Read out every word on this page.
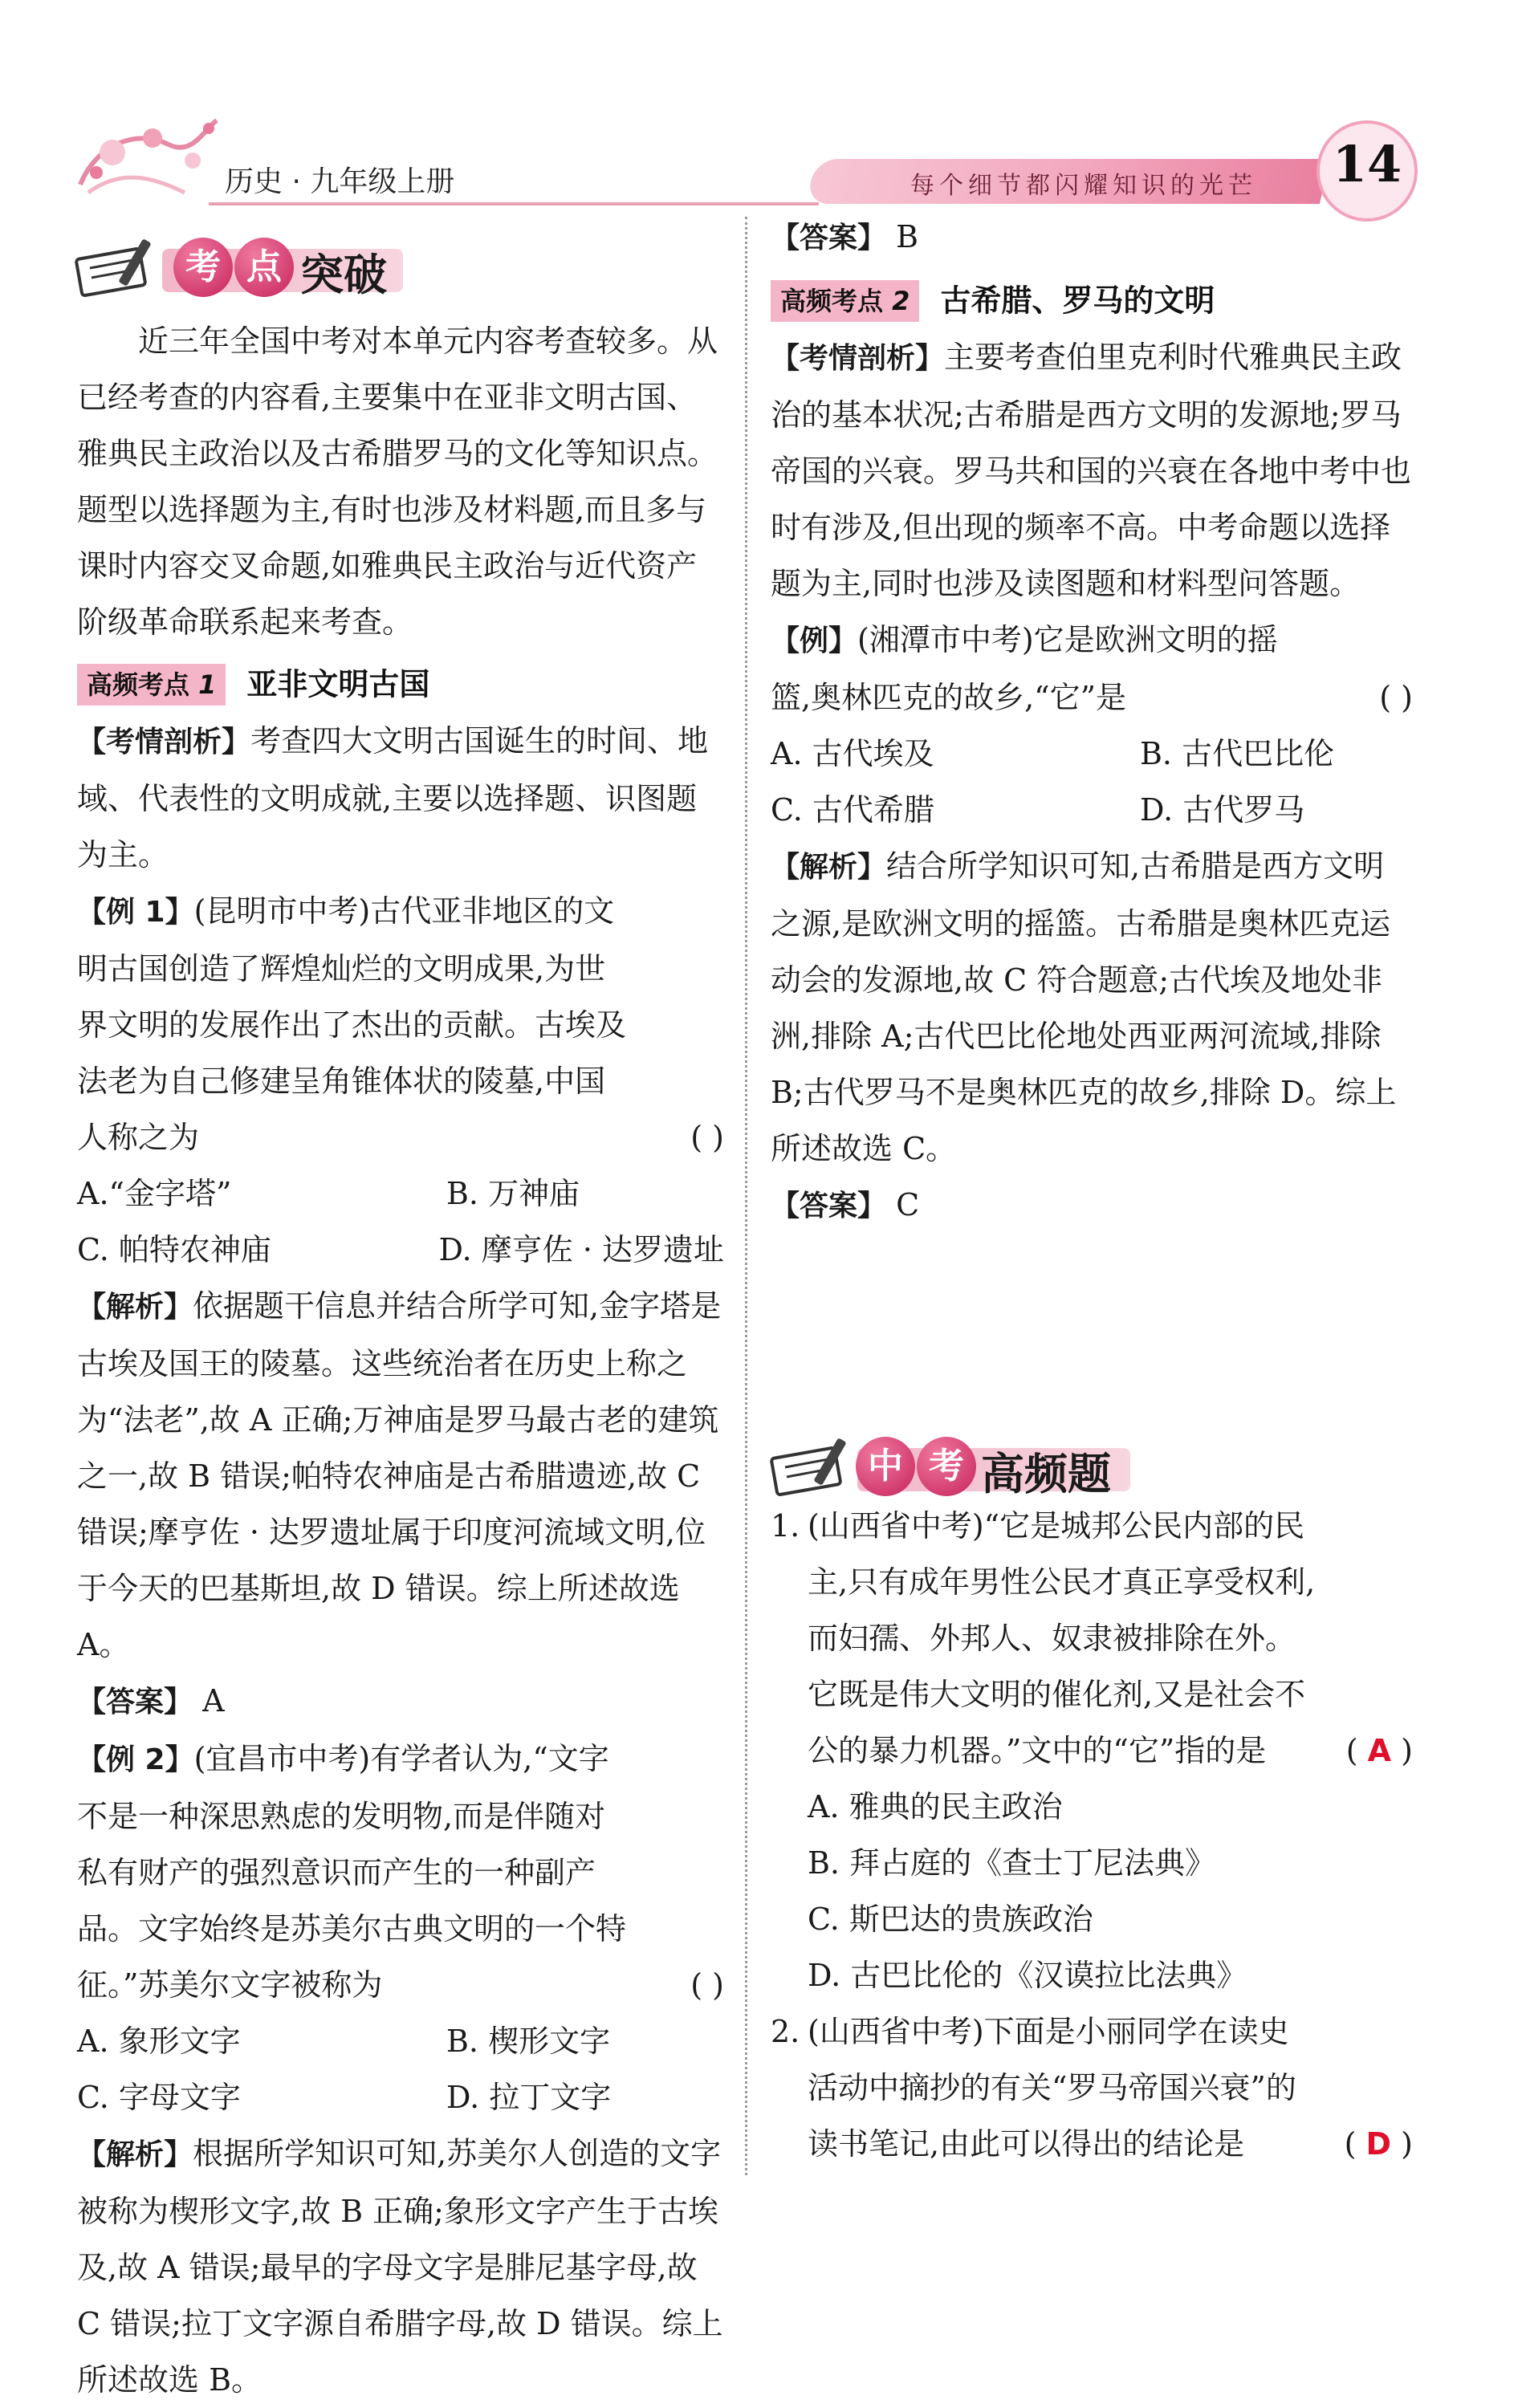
历史 · 九年级上册	每个细节都闪耀知识的光芒	14
考 点 突破

近三年全国中考对本单元内容考查较多。从已经考查的内容看,主要集中在亚非文明古国、雅典民主政治以及古希腊罗马的文化等知识点。题型以选择题为主,有时也涉及材料题,而且多与课时内容交叉命题,如雅典民主政治与近代资产阶级革命联系起来考查。

高频考点 1 亚非文明古国

【考情剖析】考查四大文明古国诞生的时间、地域、代表性的文明成就,主要以选择题、识图题为主。

【例 1】(昆明市中考)古代亚非地区的文明古国创造了辉煌灿烂的文明成果,为世界文明的发展作出了杰出的贡献。古埃及法老为自己修建呈角锥体状的陵墓,中国人称之为	( )
A.“金字塔”	B. 万神庙
C. 帕特农神庙	D. 摩亨佐 · 达罗遗址

【解析】依据题干信息并结合所学可知,金字塔是古埃及国王的陵墓。这些统治者在历史上称之为“法老”,故 A 正确;万神庙是罗马最古老的建筑之一,故 B 错误;帕特农神庙是古希腊遗迹,故 C 错误;摩亨佐 · 达罗遗址属于印度河流域文明,位于今天的巴基斯坦,故 D 错误。综上所述故选 A。

【答案】 A

【例 2】(宜昌市中考)有学者认为,“文字不是一种深思熟虑的发明物,而是伴随对私有财产的强烈意识而产生的一种副产品。文字始终是苏美尔古典文明的一个特征。”苏美尔文字被称为	( )
A. 象形文字	B. 楔形文字
C. 字母文字	D. 拉丁文字

【解析】根据所学知识可知,苏美尔人创造的文字被称为楔形文字,故 B 正确;象形文字产生于古埃及,故 A 错误;最早的字母文字是腓尼基字母,故 C 错误;拉丁文字源自希腊字母,故 D 错误。综上所述故选 B。

【答案】 B

高频考点 2 古希腊、罗马的文明

【考情剖析】主要考查伯里克利时代雅典民主政治的基本状况;古希腊是西方文明的发源地;罗马帝国的兴衰。罗马共和国的兴衰在各地中考中也时有涉及,但出现的频率不高。中考命题以选择题为主,同时也涉及读图题和材料型问答题。

【例】(湘潭市中考)它是欧洲文明的摇篮,奥林匹克的故乡,“它”是	( )
A. 古代埃及	B. 古代巴比伦
C. 古代希腊	D. 古代罗马

【解析】结合所学知识可知,古希腊是西方文明之源,是欧洲文明的摇篮。古希腊是奥林匹克运动会的发源地,故 C 符合题意;古代埃及地处非洲,排除 A;古代巴比伦地处西亚两河流域,排除 B;古代罗马不是奥林匹克的故乡,排除 D。综上所述故选 C。

【答案】 C

中 考 高频题
1. (山西省中考)“它是城邦公民内部的民主,只有成年男性公民才真正享受权利,而妇孺、外邦人、奴隶被排除在外。它既是伟大文明的催化剂,又是社会不公的暴力机器。”文中的“它”指的是	( A )
A. 雅典的民主政治
B. 拜占庭的《查士丁尼法典》
C. 斯巴达的贵族政治
D. 古巴比伦的《汉谟拉比法典》
2. (山西省中考)下面是小丽同学在读史活动中摘抄的有关“罗马帝国兴衰”的读书笔记,由此可以得出的结论是	( D )
